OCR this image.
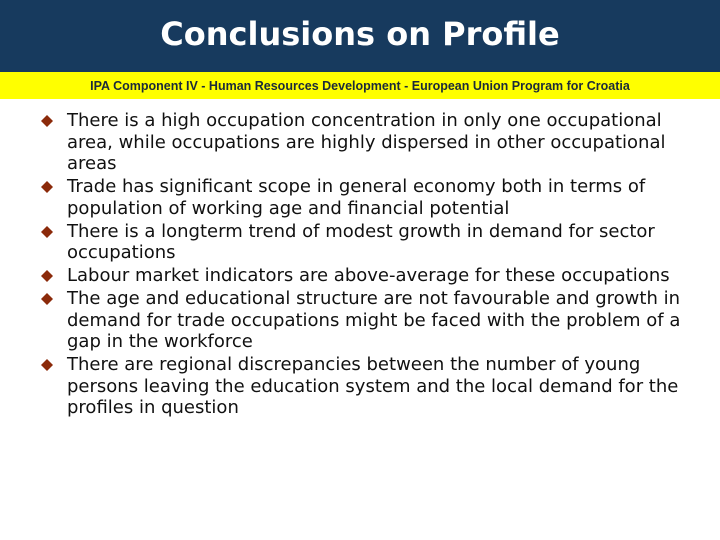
Conclusions on Profile
IPA Component IV - Human Resources Development - European Union Program for Croatia
There is a high occupation concentration in only one occupational area, while occupations are highly dispersed in other occupational areas
Trade has significant scope in general economy both in terms of population of working age and financial potential
There is a longterm trend of modest growth in demand for sector occupations
Labour market indicators are above-average for these occupations
The age and educational structure are not favourable and growth in demand for trade occupations might be faced with the problem of a gap in the workforce
There are regional discrepancies between the number of young persons leaving the education system and the local demand for the profiles in question
